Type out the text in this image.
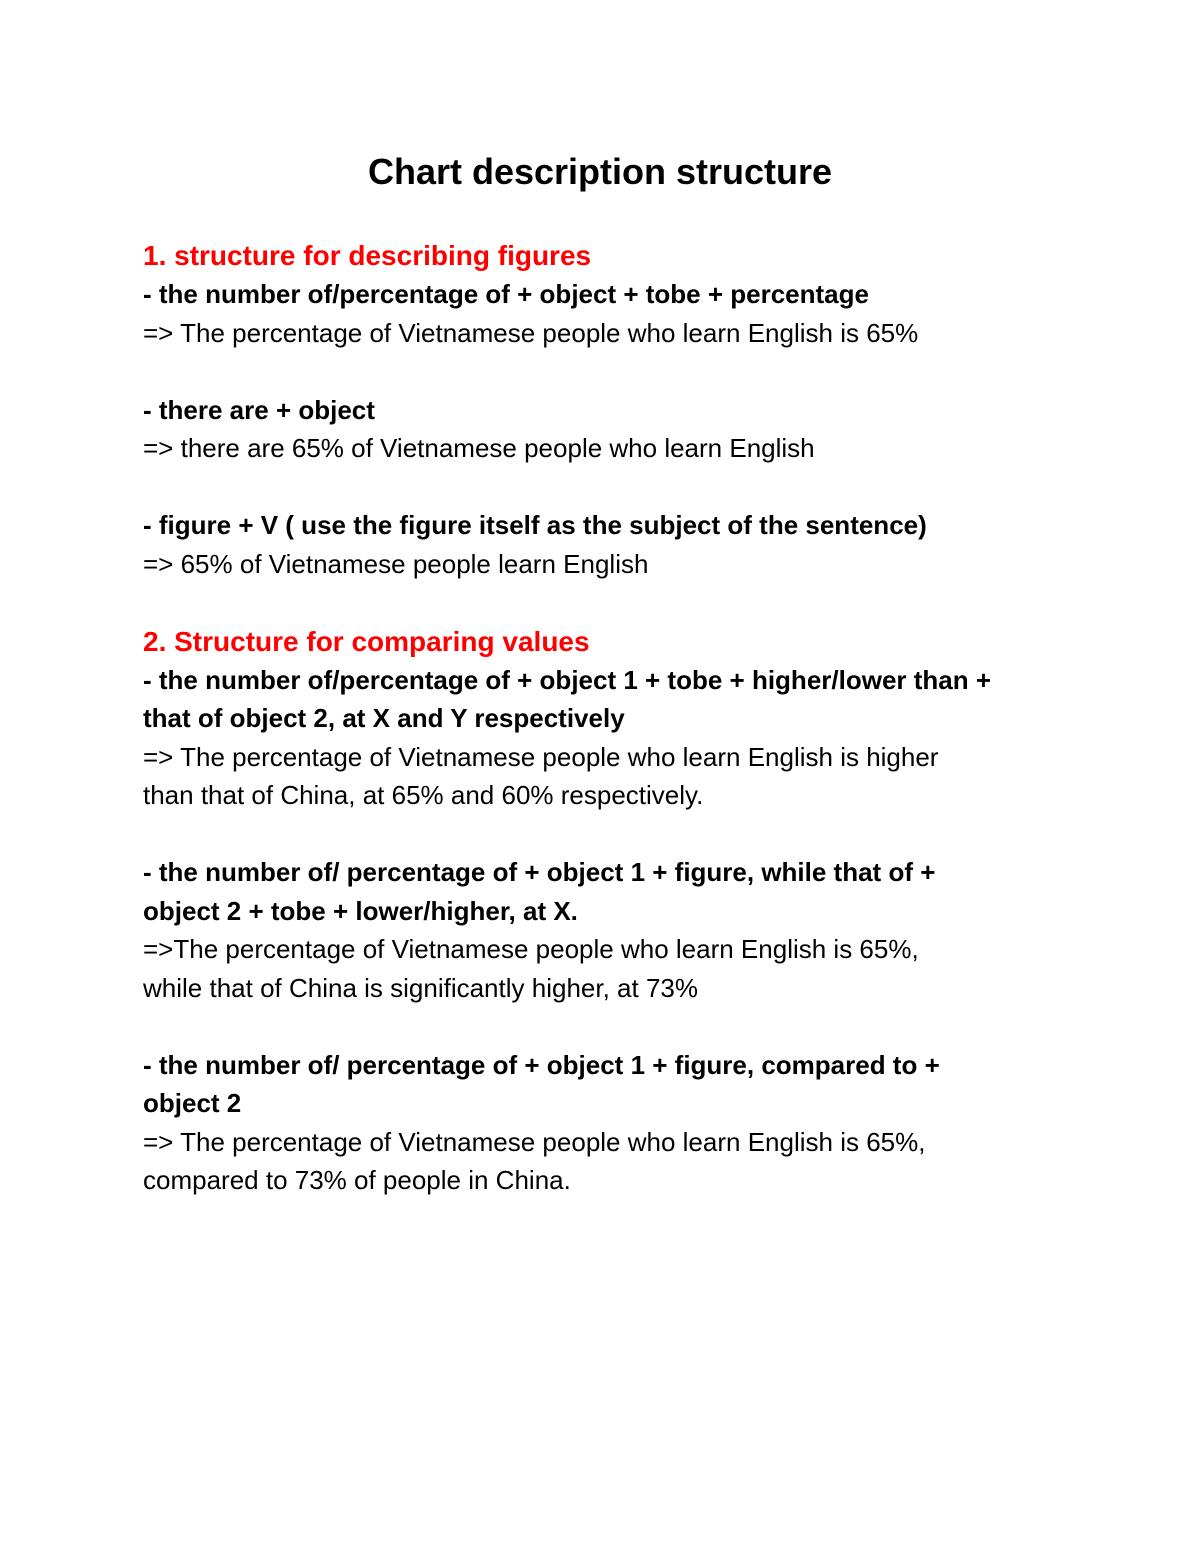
Chart description structure

1. structure for describing figures

- the number of/percentage of + object + tobe + percentage

=> The percentage of Vietnamese people who learn English is 65%

- there are + object

=> there are 65% of Vietnamese people who learn English

- figure + V ( use the figure itself as the subject of the sentence)

=> 65% of Vietnamese people learn English

2. Structure for comparing values

- the number of/percentage of + object 1 + tobe + higher/lower than +

that of object 2, at X and Y respectively

=> The percentage of Vietnamese people who learn English is higher

than that of China, at 65% and 60% respectively.

- the number of/ percentage of + object 1 + figure, while that of +

object 2 + tobe + lower/higher, at X.

=>The percentage of Vietnamese people who learn English is 65%,

while that of China is significantly higher, at 73%

- the number of/ percentage of + object 1 + figure, compared to +

object 2

=> The percentage of Vietnamese people who learn English is 65%,

compared to 73% of people in China.
